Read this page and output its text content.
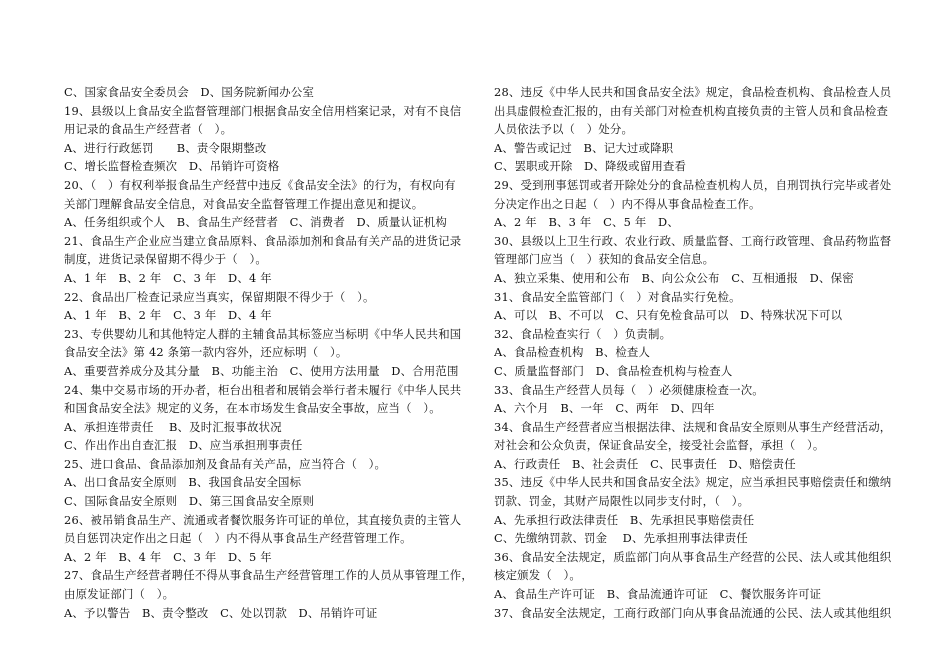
C、国家食品安全委员会　D、国务院新闻办公室
19、县级以上食品安全监督管理部门根据食品安全信用档案记录，对有不良信
用记录的食品生产经营者（　）。
A、进行行政惩罚　　B、责令限期整改
C、增长监督检查频次　D、吊销许可资格
20、（　）有权利举报食品生产经营中违反《食品安全法》的行为，有权向有
关部门理解食品安全信息，对食品安全监督管理工作提出意见和提议。
A、任务组织或个人　B、食品生产经营者　C、消费者　D、质量认证机构
21、食品生产企业应当建立食品原料、食品添加剂和食品有关产品的进货记录
制度，进货记录保留期不得少于（　）。
A、1 年　B、2 年　C、3 年　D、4 年
22、食品出厂检查记录应当真实，保留期限不得少于（　）。
A、1 年　B、2 年　C、3 年　D、4 年
23、专供婴幼儿和其他特定人群的主辅食品其标签应当标明《中华人民共和国
食品安全法》第 42 条第一款内容外，还应标明（　）。
A、重要营养成分及其分量　B、功能主治　C、使用方法用量　D、合用范围
24、集中交易市场的开办者，柜台出租者和展销会举行者未履行《中华人民共
和国食品安全法》规定的义务，在本市场发生食品安全事故，应当（　）。
A、承担连带责任　 B、及时汇报事故状况
C、作出作出自查汇报　D、应当承担刑事责任
25、进口食品、食品添加剂及食品有关产品，应当符合（　）。
A、出口食品安全原则　B、我国食品安全国标
C、国际食品安全原则　D、第三国食品安全原则
26、被吊销食品生产、流通或者餐饮服务许可证的单位，其直接负责的主管人
员自惩罚决定作出之日起（　）内不得从事食品生产经营管理工作。
A、2 年　B、4 年　C、3 年　D、5 年
27、食品生产经营者聘任不得从事食品生产经营管理工作的人员从事管理工作，
由原发证部门（　）。
A、予以警告　B、责令整改　C、处以罚款　D、吊销许可证
28、违反《中华人民共和国食品安全法》规定，食品检查机构、食品检查人员
出具虚假检查汇报的，由有关部门对检查机构直接负责的主管人员和食品检查
人员依法予以（　）处分。
A、警告或记过　B、记大过或降职
C、罢职或开除　D、降级或留用查看
29、受到刑事惩罚或者开除处分的食品检查机构人员，自刑罚执行完毕或者处
分决定作出之日起（　）内不得从事食品检查工作。
A、2 年　B、3 年　C、5 年　D、
30、县级以上卫生行政、农业行政、质量监督、工商行政管理、食品药物监督
管理部门应当（　）获知的食品安全信息。
A、独立采集、使用和公布　B、向公众公布　C、互相通报　D、保密
31、食品安全监管部门（　）对食品实行免检。
A、可以　B、不可以　C、只有免检食品可以　D、特殊状况下可以
32、食品检查实行（　）负责制。
A、食品检查机构　B、检查人
C、质量监督部门　D、食品检查机构与检查人
33、食品生产经营人员每（　）必须健康检查一次。
A、六个月　B、一年　C、两年　D、四年
34、食品生产经营者应当根据法律、法规和食品安全原则从事生产经营活动，
对社会和公众负责，保证食品安全，接受社会监督，承担（　）。
A、行政责任　B、社会责任　C、民事责任　D、赔偿责任
35、违反《中华人民共和国食品安全法》规定，应当承担民事赔偿责任和缴纳
罚款、罚金，其财产局限性以同步支付时，（　）。
A、先承担行政法律责任　B、先承担民事赔偿责任
C、先缴纳罚款、罚金　 D、先承担刑事法律责任
36、食品安全法规定，质监部门向从事食品生产经营的公民、法人或其他组织
核定颁发（　）。
A、食品生产许可证　B、食品流通许可证　C、餐饮服务许可证
37、食品安全法规定，工商行政部门向从事食品流通的公民、法人或其他组织
